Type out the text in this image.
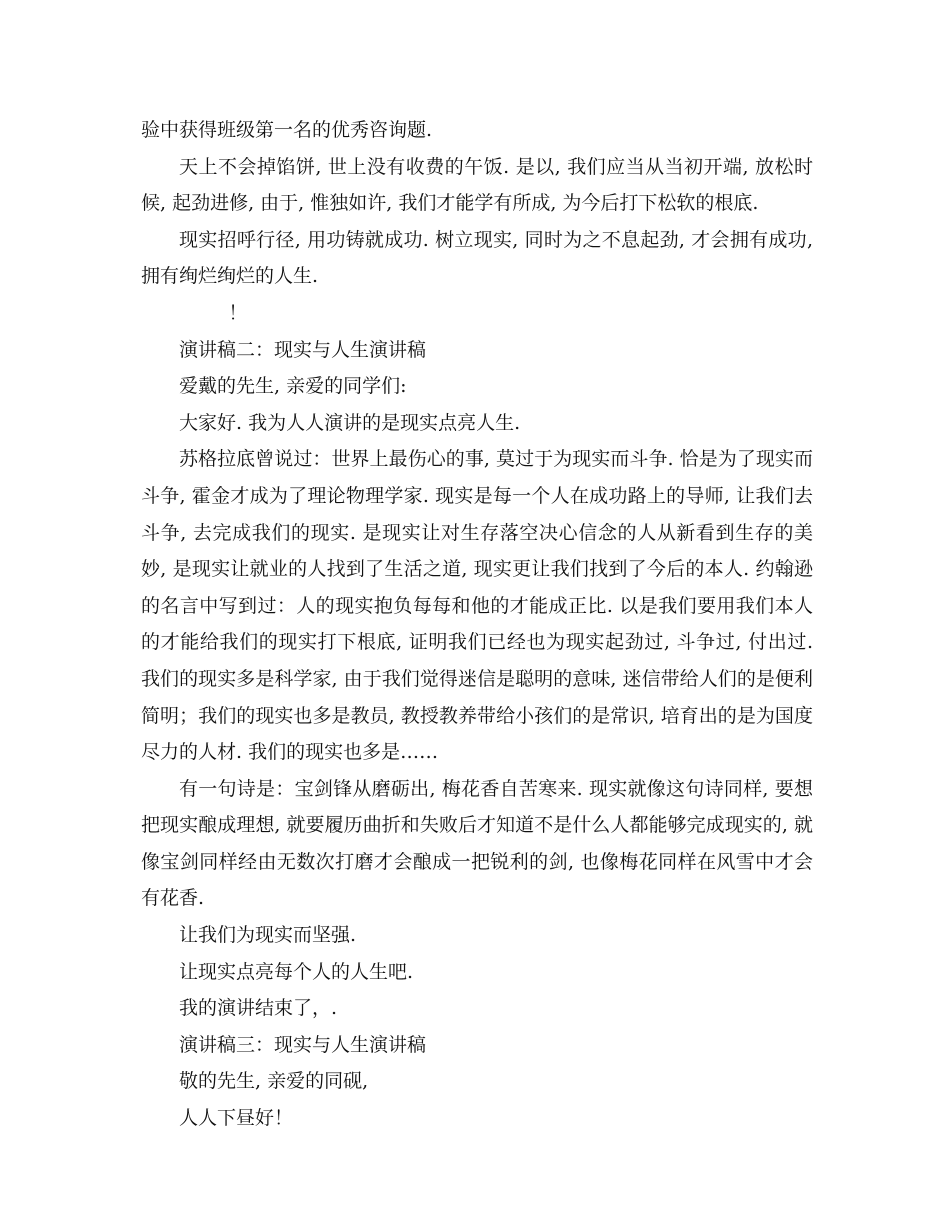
验中获得班级第一名的优秀咨询题.

天上不会掉馅饼, 世上没有收费的午饭. 是以, 我们应当从当初开端, 放松时候, 起劲进修, 由于, 惟独如许, 我们才能学有所成, 为今后打下松软的根底.

现实招呼行径, 用功铸就成功. 树立现实, 同时为之不息起劲, 才会拥有成功, 拥有绚烂绚烂的人生.

！

演讲稿二：现实与人生演讲稿

爱戴的先生, 亲爱的同学们:

大家好. 我为人人演讲的是现实点亮人生.

苏格拉底曾说过：世界上最伤心的事, 莫过于为现实而斗争. 恰是为了现实而斗争, 霍金才成为了理论物理学家. 现实是每一个人在成功路上的导师, 让我们去斗争, 去完成我们的现实. 是现实让对生存落空决心信念的人从新看到生存的美妙, 是现实让就业的人找到了生活之道, 现实更让我们找到了今后的本人. 约翰逊的名言中写到过：人的现实抱负每每和他的才能成正比. 以是我们要用我们本人的才能给我们的现实打下根底, 证明我们已经也为现实起劲过, 斗争过, 付出过. 我们的现实多是科学家, 由于我们觉得迷信是聪明的意味, 迷信带给人们的是便利简明；我们的现实也多是教员, 教授教养带给小孩们的是常识, 培育出的是为国度尽力的人材. 我们的现实也多是……

有一句诗是：宝剑锋从磨砺出, 梅花香自苦寒来. 现实就像这句诗同样, 要想把现实酿成理想, 就要履历曲折和失败后才知道不是什么人都能够完成现实的, 就像宝剑同样经由无数次打磨才会酿成一把锐利的剑, 也像梅花同样在风雪中才会有花香.

让我们为现实而坚强.

让现实点亮每个人的人生吧.

我的演讲结束了，.

演讲稿三：现实与人生演讲稿

敬的先生, 亲爱的同砚,

人人下昼好！
